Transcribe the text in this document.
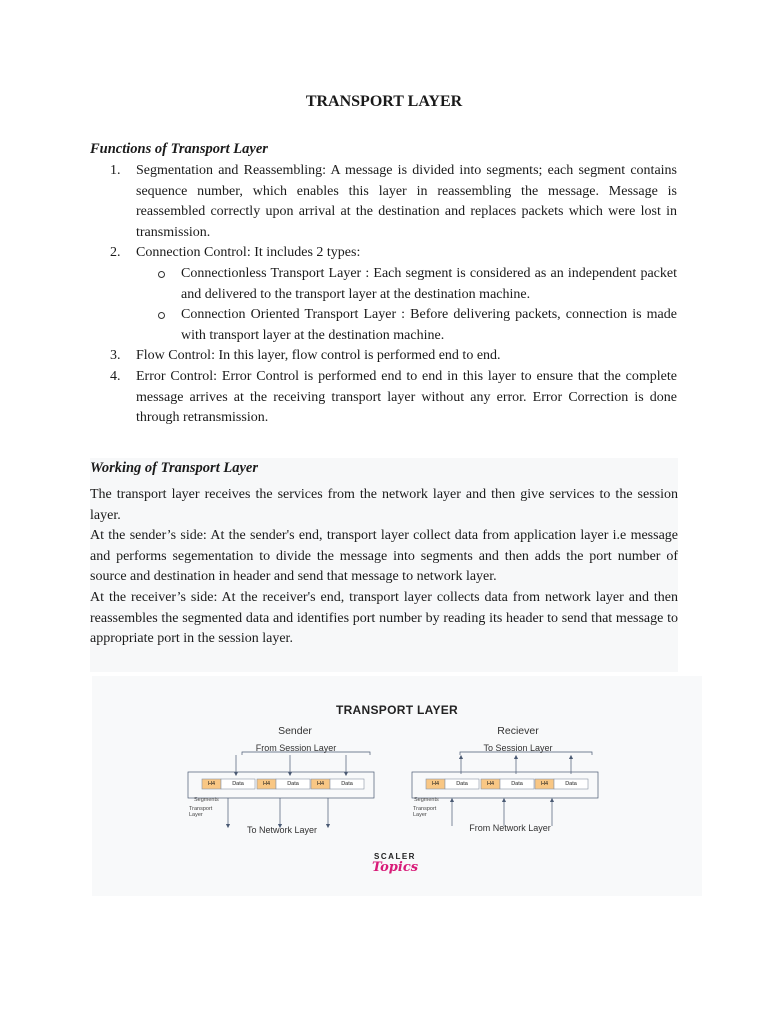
TRANSPORT LAYER
Functions of Transport Layer
1. Segmentation and Reassembling: A message is divided into segments; each segment contains sequence number, which enables this layer in reassembling the message. Message is reassembled correctly upon arrival at the destination and replaces packets which were lost in transmission.
2. Connection Control: It includes 2 types:
Connectionless Transport Layer : Each segment is considered as an independent packet and delivered to the transport layer at the destination machine.
Connection Oriented Transport Layer : Before delivering packets, connection is made with transport layer at the destination machine.
3. Flow Control: In this layer, flow control is performed end to end.
4. Error Control: Error Control is performed end to end in this layer to ensure that the complete message arrives at the receiving transport layer without any error. Error Correction is done through retransmission.
Working of Transport Layer

The transport layer receives the services from the network layer and then give services to the session layer.

At the sender’s side: At the sender's end, transport layer collect data from application layer i.e message and performs segementation to divide the message into segments and then adds the port number of source and destination in header and send that message to network layer.

At the receiver’s side: At the receiver's end, transport layer collects data from network layer and then reassembles the segmented data and identifies port number by reading its header to send that message to appropriate port in the session layer.

TRANSPORT LAYER
Sender	Reciever
From Session Layer	To Session Layer
To Network Layer	From Network Layer
Segments
Transport
Layer
Segments
Transport
Layer
H4	Data	H4	Data	H4	Data	H4	Data	H4	Data	H4	Data
SCALER
Topics
